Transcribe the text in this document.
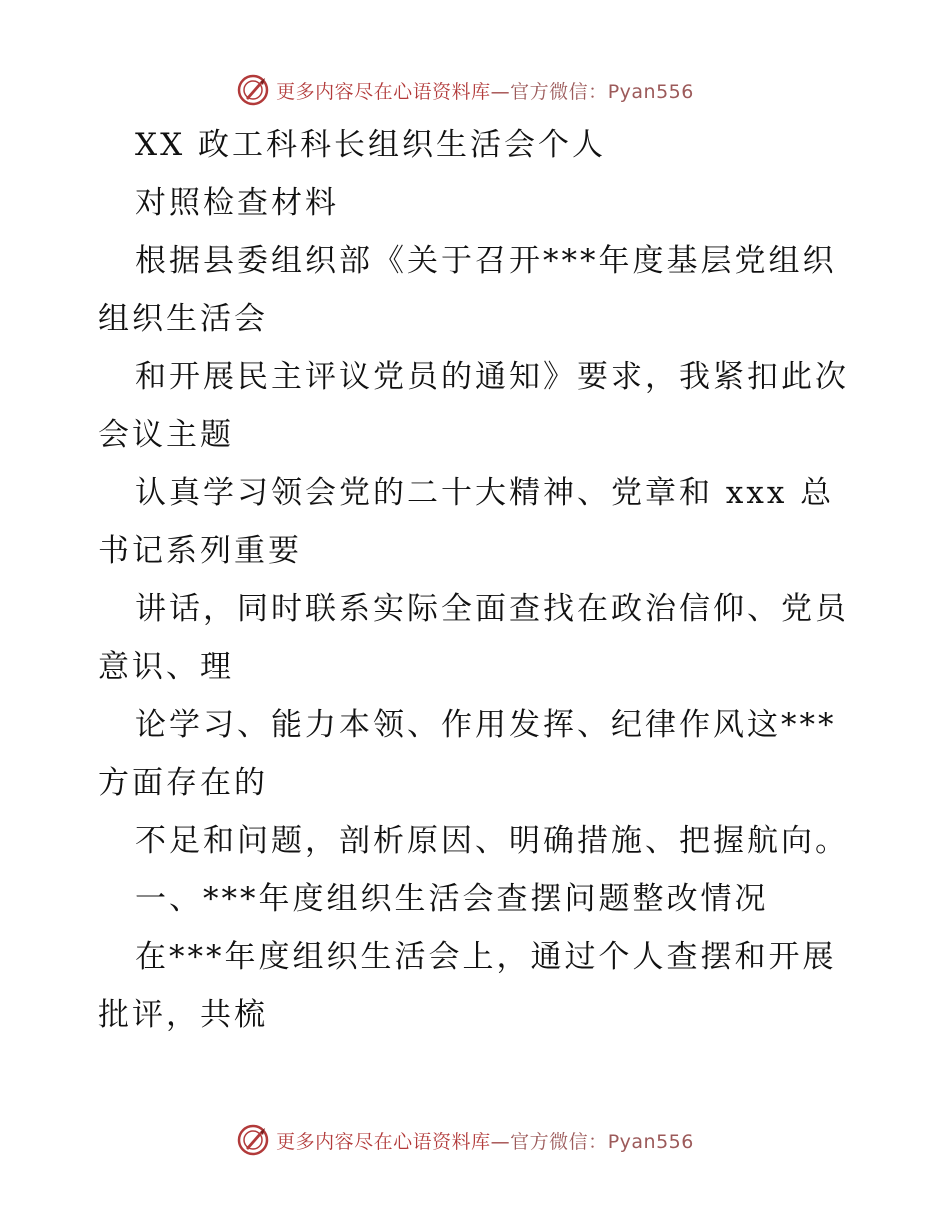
更多内容尽在心语资料库—官方微信：Pyan556
XX 政工科科长组织生活会个人
对照检查材料
根据县委组织部《关于召开***年度基层党组织
组织生活会
和开展民主评议党员的通知》要求，我紧扣此次
会议主题
认真学习领会党的二十大精神、党章和 xxx 总
书记系列重要
讲话，同时联系实际全面查找在政治信仰、党员
意识、理
论学习、能力本领、作用发挥、纪律作风这***
方面存在的
不足和问题，剖析原因、明确措施、把握航向。
一、***年度组织生活会查摆问题整改情况
在***年度组织生活会上，通过个人查摆和开展
批评，共梳
更多内容尽在心语资料库—官方微信：Pyan556
